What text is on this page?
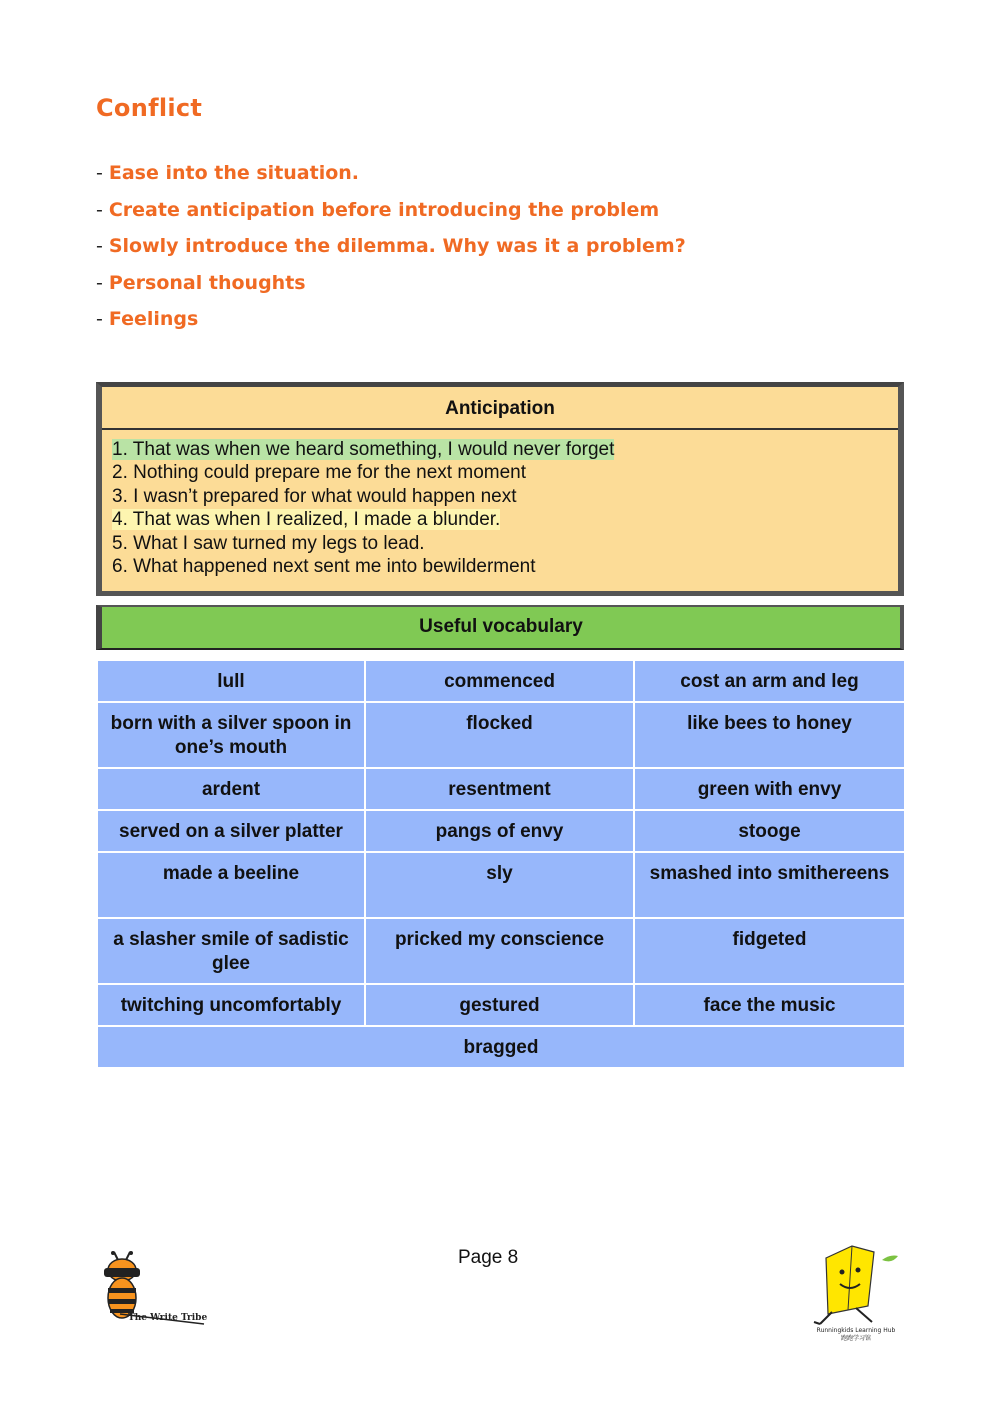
Conflict
- Ease into the situation.
- Create anticipation before introducing the problem
- Slowly introduce the dilemma. Why was it a problem?
- Personal thoughts
- Feelings
Anticipation
1. That was when we heard something, I would never forget
2. Nothing could prepare me for the next moment
3. I wasn’t prepared for what would happen next
4. That was when I realized, I made a blunder.
5. What I saw turned my legs to lead.
6. What happened next sent me into bewilderment
Useful vocabulary
lull	commenced	cost an arm and leg
born with a silver spoon in one’s mouth	flocked	like bees to honey
ardent	resentment	green with envy
served on a silver platter	pangs of envy	stooge
made a beeline	sly	smashed into smithereens
a slasher smile of sadistic glee	pricked my conscience	fidgeted
twitching uncomfortably	gestured	face the music
bragged		
Page 8
The Write Tribe
Runningkids Learning Hub
跑跑学习馆
